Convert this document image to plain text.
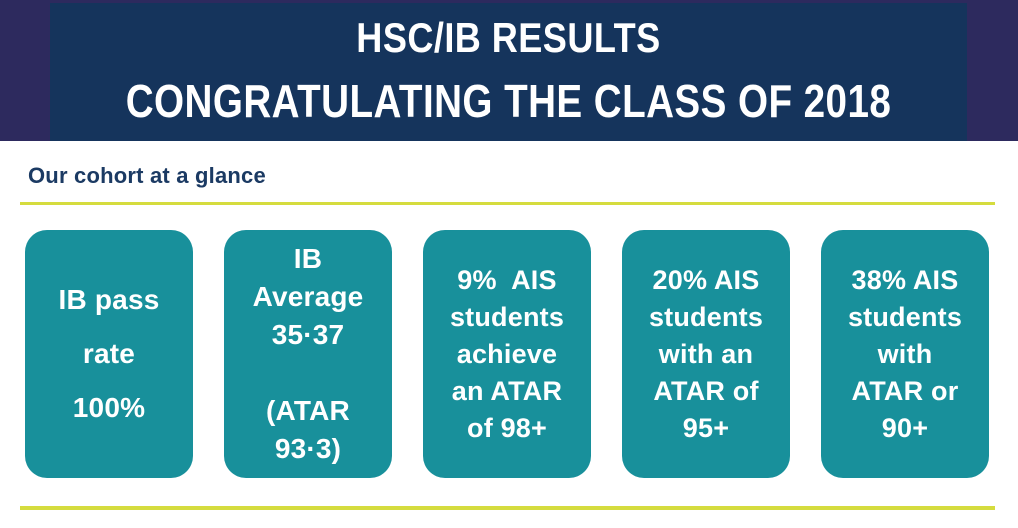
HSC/IB RESULTS
CONGRATULATING THE CLASS OF 2018
Our cohort at a glance
IB pass
rate
100%
IB
Average
35·37

(ATAR
93·3)
9%  AIS
students
achieve
an ATAR
of 98+
20% AIS
students
with an
ATAR of
95+
38% AIS
students
with
ATAR or
90+
